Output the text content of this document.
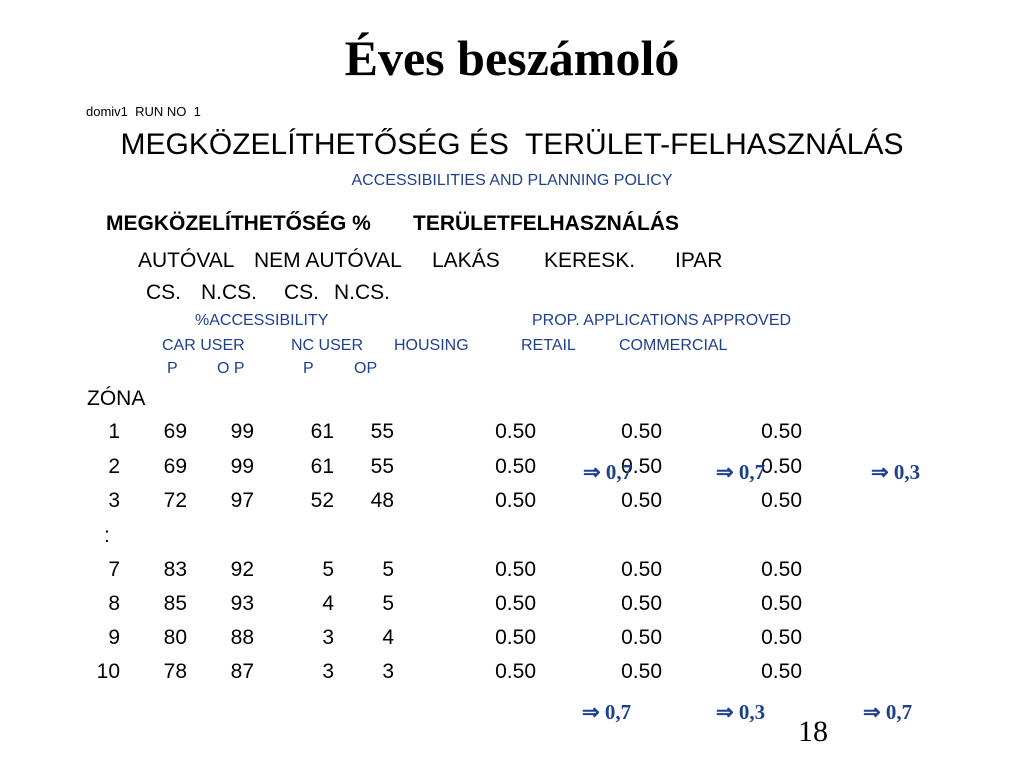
Éves beszámoló
domiv1  RUN NO  1
MEGKÖZELÍTHETŐSÉG ÉS  TERÜLET-FELHASZNÁLÁS
ACCESSIBILITIES AND PLANNING POLICY
MEGKÖZELÍTHETŐSÉG % TERÜLETFELHASZNÁLÁS
AUTÓVAL NEM AUTÓVAL LAKÁS KERESK. IPAR
CS. N.CS. CS. N.CS.
%ACCESSIBILITY	PROP. APPLICATIONS APPROVED
CAR USER	NC USER HOUSING	RETAIL	COMMERCIAL
P O P	P	OP
ZÓNA
1	69	99	61	55	0.50	0.50	0.50
2	69	99	61	55	0.50	0.50	0.50
3	72	97	52	48	0.50	0.50	0.50
7	83	92	5	5	0.50	0.50	0.50
8	85	93	4	5	0.50	0.50	0.50
9	80	88	3	4	0.50	0.50	0.50
10	78	87	3	3	0.50	0.50	0.50
:
⇒ 0,7	⇒ 0,7	⇒ 0,3
⇒ 0,7	⇒ 0,3	⇒ 0,7
18
